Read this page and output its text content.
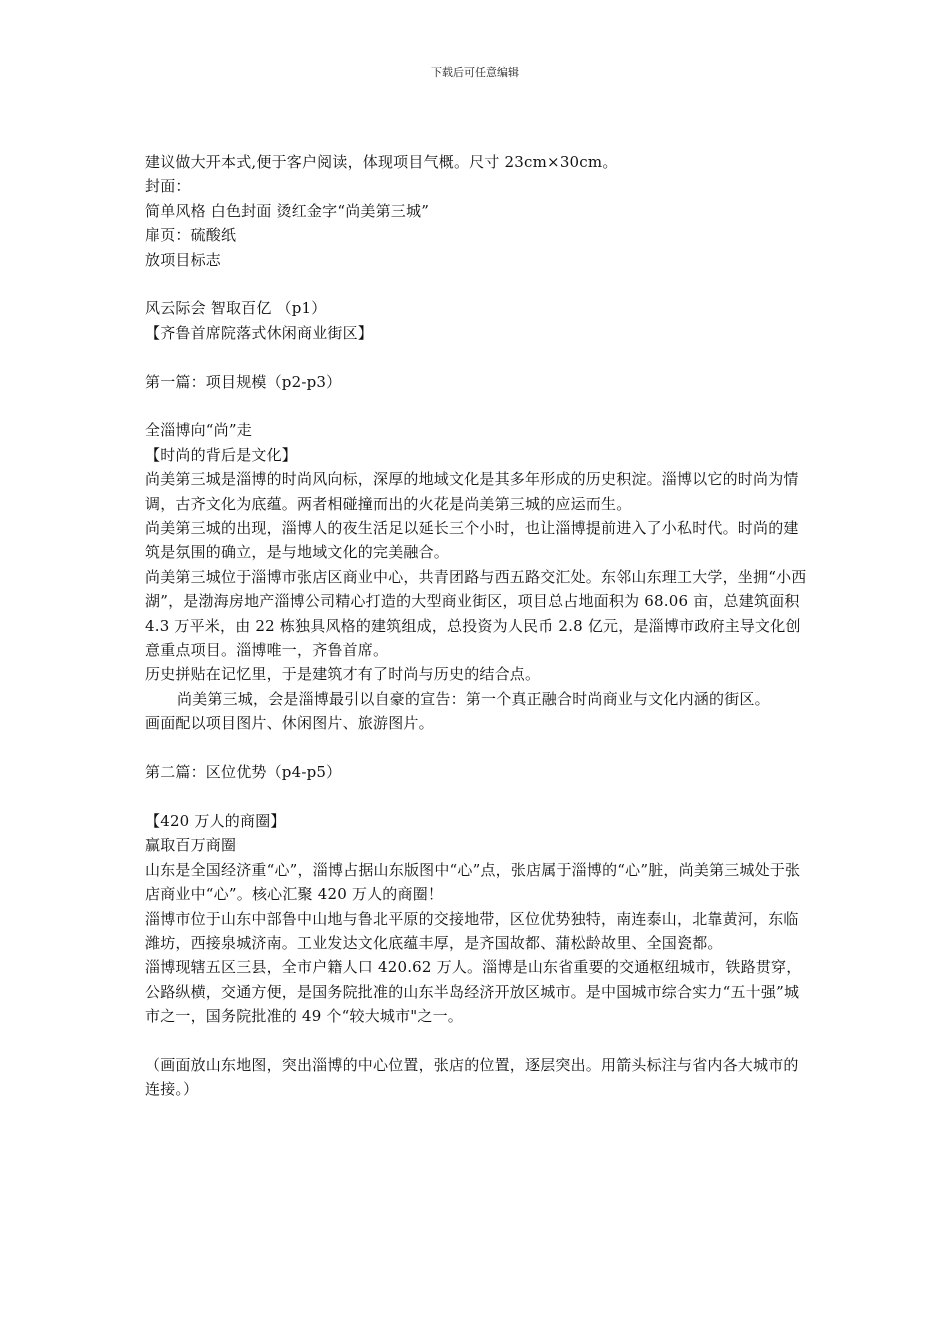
下载后可任意编辑

建议做大开本式,便于客户阅读，体现项目气概。尺寸 23cm×30cm。

封面：

简单风格 白色封面 烫红金字“尚美第三城”

扉页：硫酸纸

放项目标志

风云际会 智取百亿 （p1）

【齐鲁首席院落式休闲商业街区】

第一篇：项目规模（p2-p3）

全淄博向“尚”走

【时尚的背后是文化】

尚美第三城是淄博的时尚风向标，深厚的地域文化是其多年形成的历史积淀。淄博以它的时尚为情调，古齐文化为底蕴。两者相碰撞而出的火花是尚美第三城的应运而生。

尚美第三城的出现，淄博人的夜生活足以延长三个小时，也让淄博提前进入了小私时代。时尚的建筑是氛围的确立，是与地域文化的完美融合。

尚美第三城位于淄博市张店区商业中心，共青团路与西五路交汇处。东邻山东理工大学，坐拥“小西湖”，是渤海房地产淄博公司精心打造的大型商业街区，项目总占地面积为 68.06 亩，总建筑面积 4.3 万平米，由 22 栋独具风格的建筑组成，总投资为人民币 2.8 亿元，是淄博市政府主导文化创意重点项目。淄博唯一，齐鲁首席。

历史拼贴在记忆里，于是建筑才有了时尚与历史的结合点。

尚美第三城，会是淄博最引以自豪的宣告：第一个真正融合时尚商业与文化内涵的街区。

画面配以项目图片、休闲图片、旅游图片。

第二篇：区位优势（p4-p5）

【420 万人的商圈】

赢取百万商圈

山东是全国经济重“心”，淄博占据山东版图中“心”点，张店属于淄博的“心”脏，尚美第三城处于张店商业中“心”。核心汇聚 420 万人的商圈！

淄博市位于山东中部鲁中山地与鲁北平原的交接地带，区位优势独特，南连泰山，北靠黄河，东临潍坊，西接泉城济南。工业发达文化底蕴丰厚，是齐国故都、蒲松龄故里、全国瓷都。

淄博现辖五区三县，全市户籍人口 420.62 万人。淄博是山东省重要的交通枢纽城市，铁路贯穿，公路纵横，交通方便，是国务院批准的山东半岛经济开放区城市。是中国城市综合实力“五十强”城市之一，国务院批准的 49 个“较大城市"之一。

（画面放山东地图，突出淄博的中心位置，张店的位置，逐层突出。用箭头标注与省内各大城市的连接。）
